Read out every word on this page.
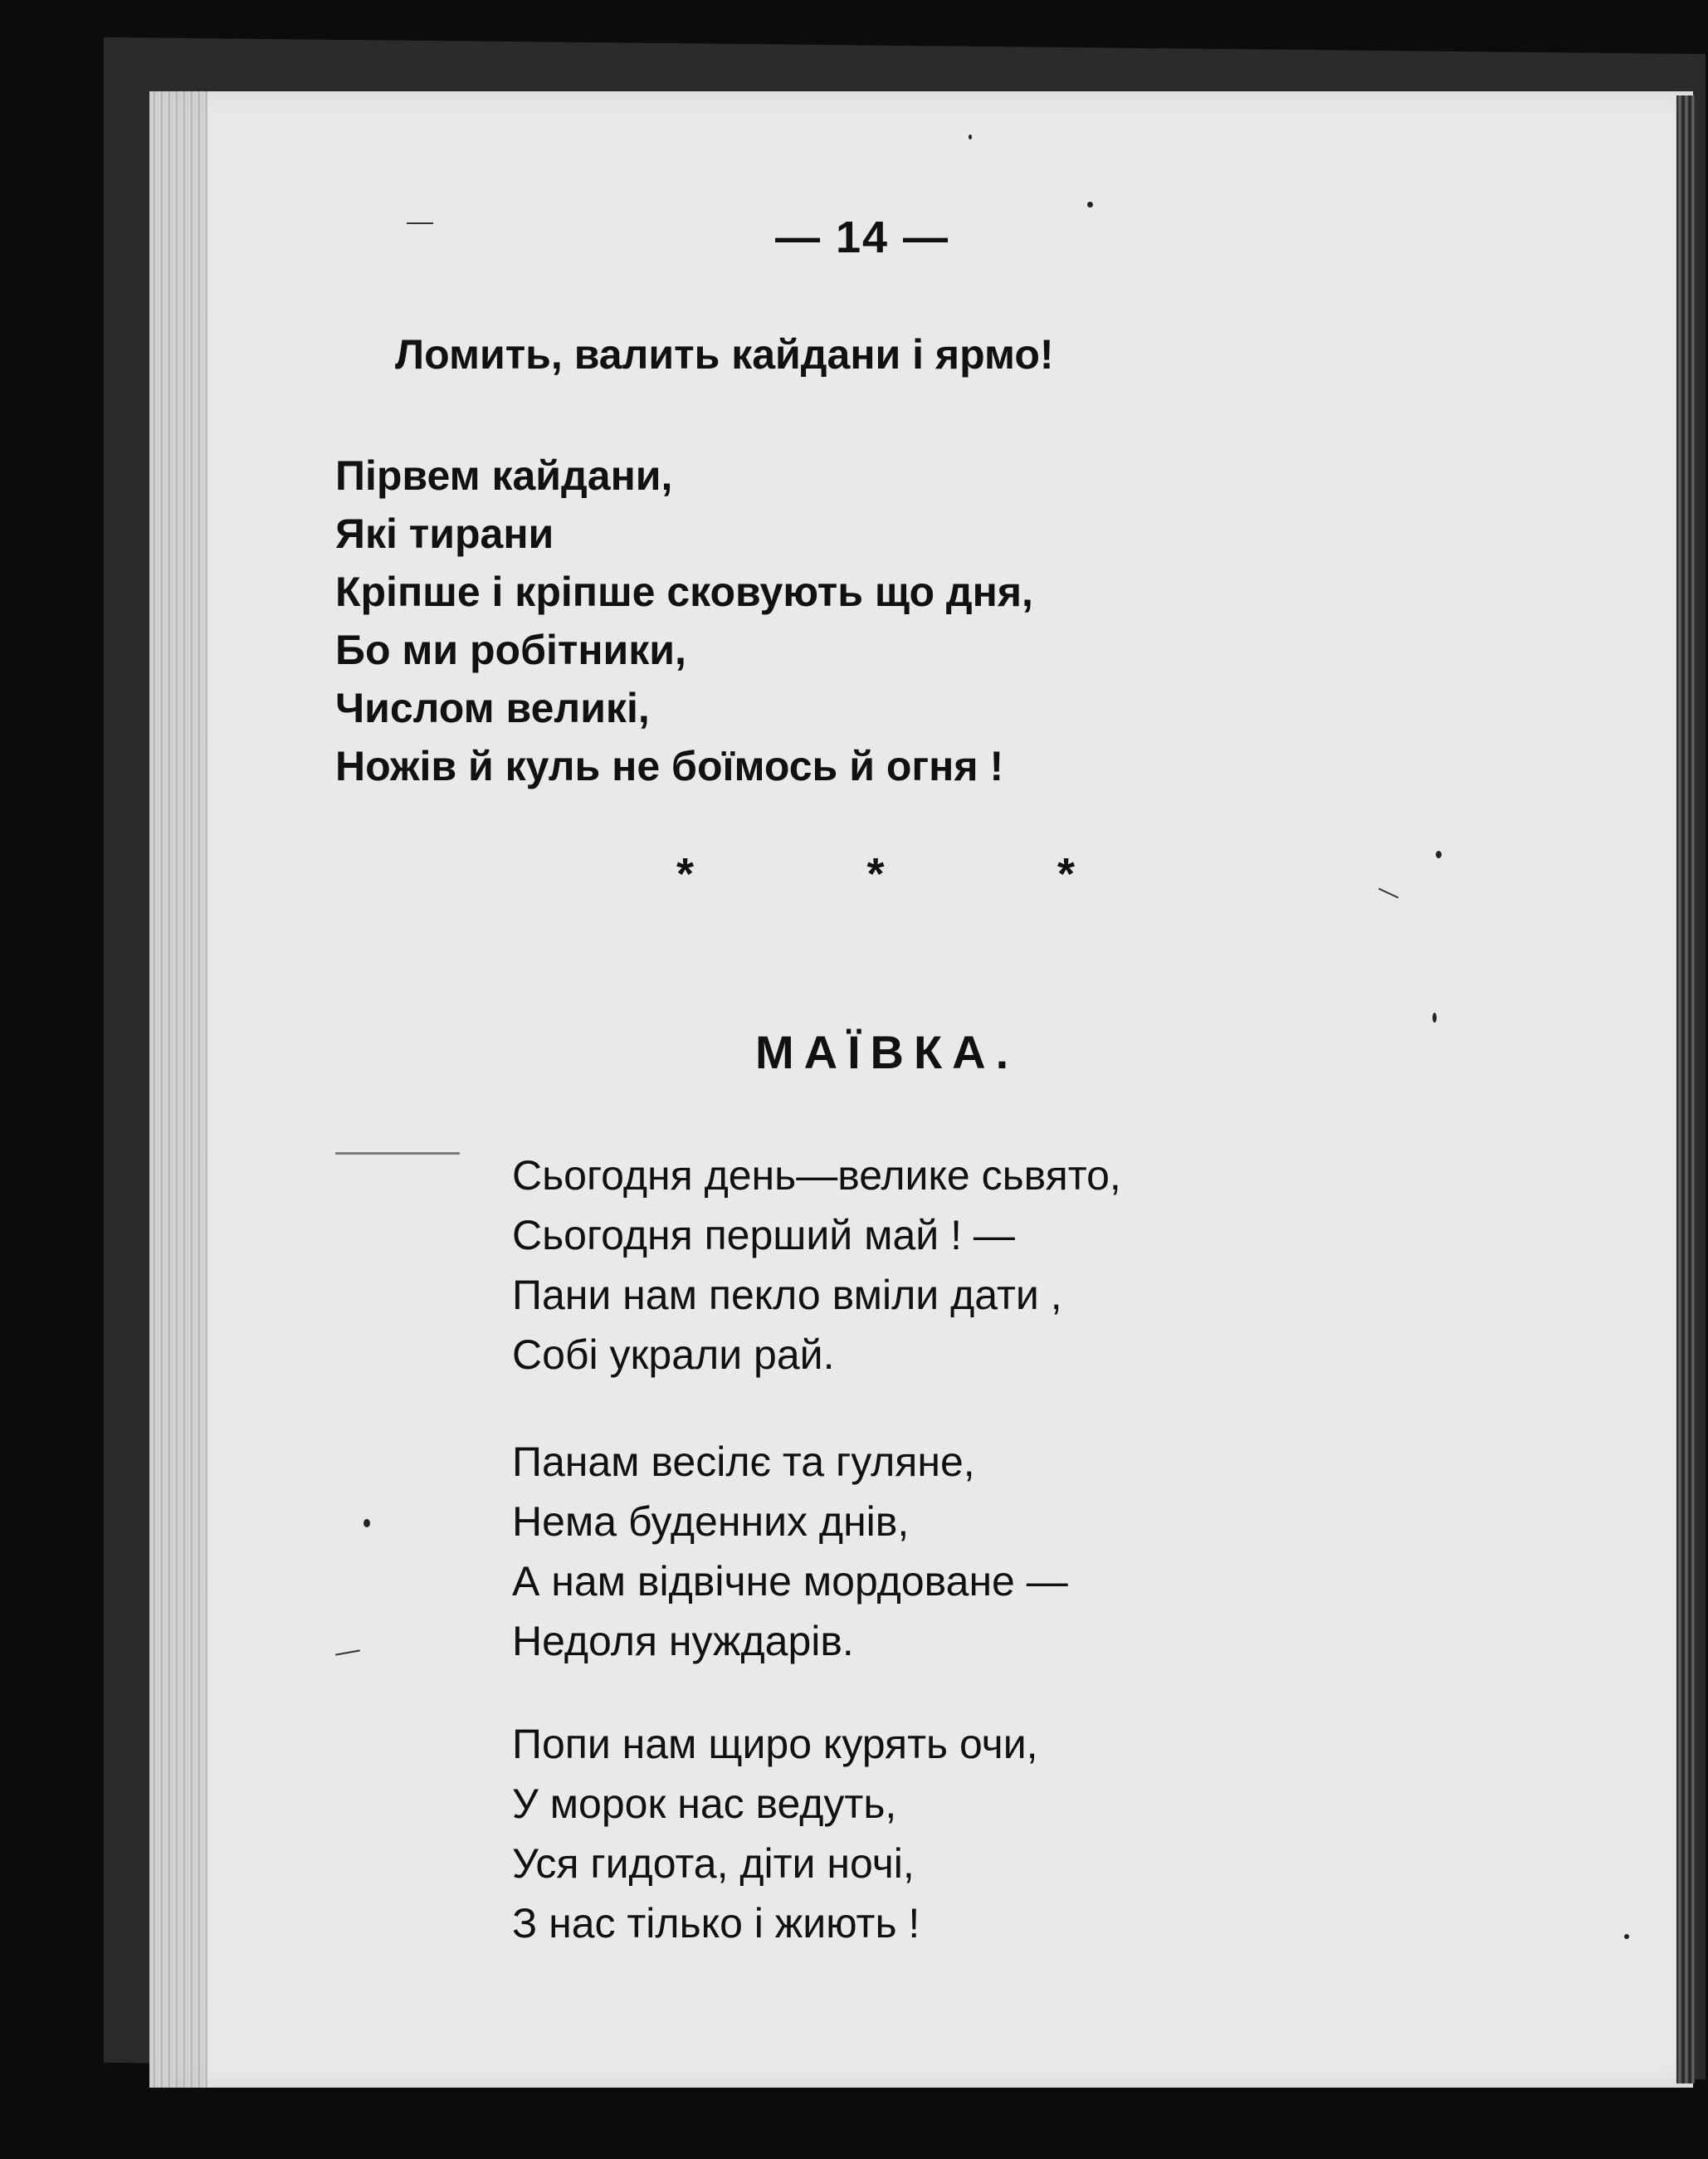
— 14 —

Ломить, валить кайдани і ярмо!

Пірвем кайдани,
Які тирани
Кріпше і кріпше сковують що дня,
Бо ми робітники,
Числом великі,
Ножів й куль не боїмось й огня !
*	*	*

МАЇВКА.

Сьогодня день—велике сьвято,
Сьогодня перший май ! —
Пани нам пекло вміли дати ,
Собі украли рай.
Панам весілє та гуляне,
Нема буденних днів,
А нам відвічне мордоване —
Недоля нуждарів.
Попи нам щиро курять очи,
У морок нас ведуть,
Уся гидота, діти ночі,
З нас тілько і жиють !
